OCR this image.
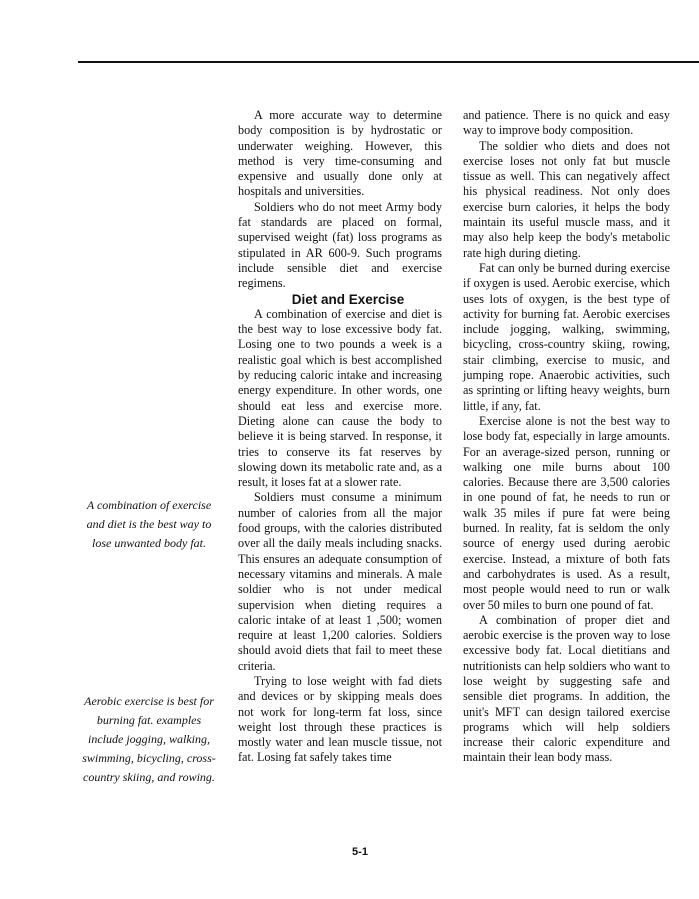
A combination of exercise and diet is the best way to lose unwanted body fat.
Aerobic exercise is best for burning fat. examples include jogging, walking, swimming, bicycling, cross-country skiing, and rowing.

A more accurate way to determine body composition is by hydrostatic or underwater weighing. However, this method is very time-consuming and expensive and usually done only at hospitals and universities.

Soldiers who do not meet Army body fat standards are placed on formal, supervised weight (fat) loss programs as stipulated in AR 600-9. Such programs include sensible diet and exercise regimens.

Diet and Exercise

A combination of exercise and diet is the best way to lose excessive body fat. Losing one to two pounds a week is a realistic goal which is best accomplished by reducing caloric intake and increasing energy expenditure. In other words, one should eat less and exercise more. Dieting alone can cause the body to believe it is being starved. In response, it tries to conserve its fat reserves by slowing down its metabolic rate and, as a result, it loses fat at a slower rate.

Soldiers must consume a minimum number of calories from all the major food groups, with the calories distributed over all the daily meals including snacks. This ensures an adequate consumption of necessary vitamins and minerals. A male soldier who is not under medical supervision when dieting requires a caloric intake of at least 1 ,500; women require at least 1,200 calories. Soldiers should avoid diets that fail to meet these criteria.

Trying to lose weight with fad diets and devices or by skipping meals does not work for long-term fat loss, since weight lost through these practices is mostly water and lean muscle tissue, not fat. Losing fat safely takes time

and patience. There is no quick and easy way to improve body composition.

The soldier who diets and does not exercise loses not only fat but muscle tissue as well. This can negatively affect his physical readiness. Not only does exercise burn calories, it helps the body maintain its useful muscle mass, and it may also help keep the body's metabolic rate high during dieting.

Fat can only be burned during exercise if oxygen is used. Aerobic exercise, which uses lots of oxygen, is the best type of activity for burning fat. Aerobic exercises include jogging, walking, swimming, bicycling, cross-country skiing, rowing, stair climbing, exercise to music, and jumping rope. Anaerobic activities, such as sprinting or lifting heavy weights, burn little, if any, fat.

Exercise alone is not the best way to lose body fat, especially in large amounts. For an average-sized person, running or walking one mile burns about 100 calories. Because there are 3,500 calories in one pound of fat, he needs to run or walk 35 miles if pure fat were being burned. In reality, fat is seldom the only source of energy used during aerobic exercise. Instead, a mixture of both fats and carbohydrates is used. As a result, most people would need to run or walk over 50 miles to burn one pound of fat.

A combination of proper diet and aerobic exercise is the proven way to lose excessive body fat. Local dietitians and nutritionists can help soldiers who want to lose weight by suggesting safe and sensible diet programs. In addition, the unit's MFT can design tailored exercise programs which will help soldiers increase their caloric expenditure and maintain their lean body mass.

5-1
